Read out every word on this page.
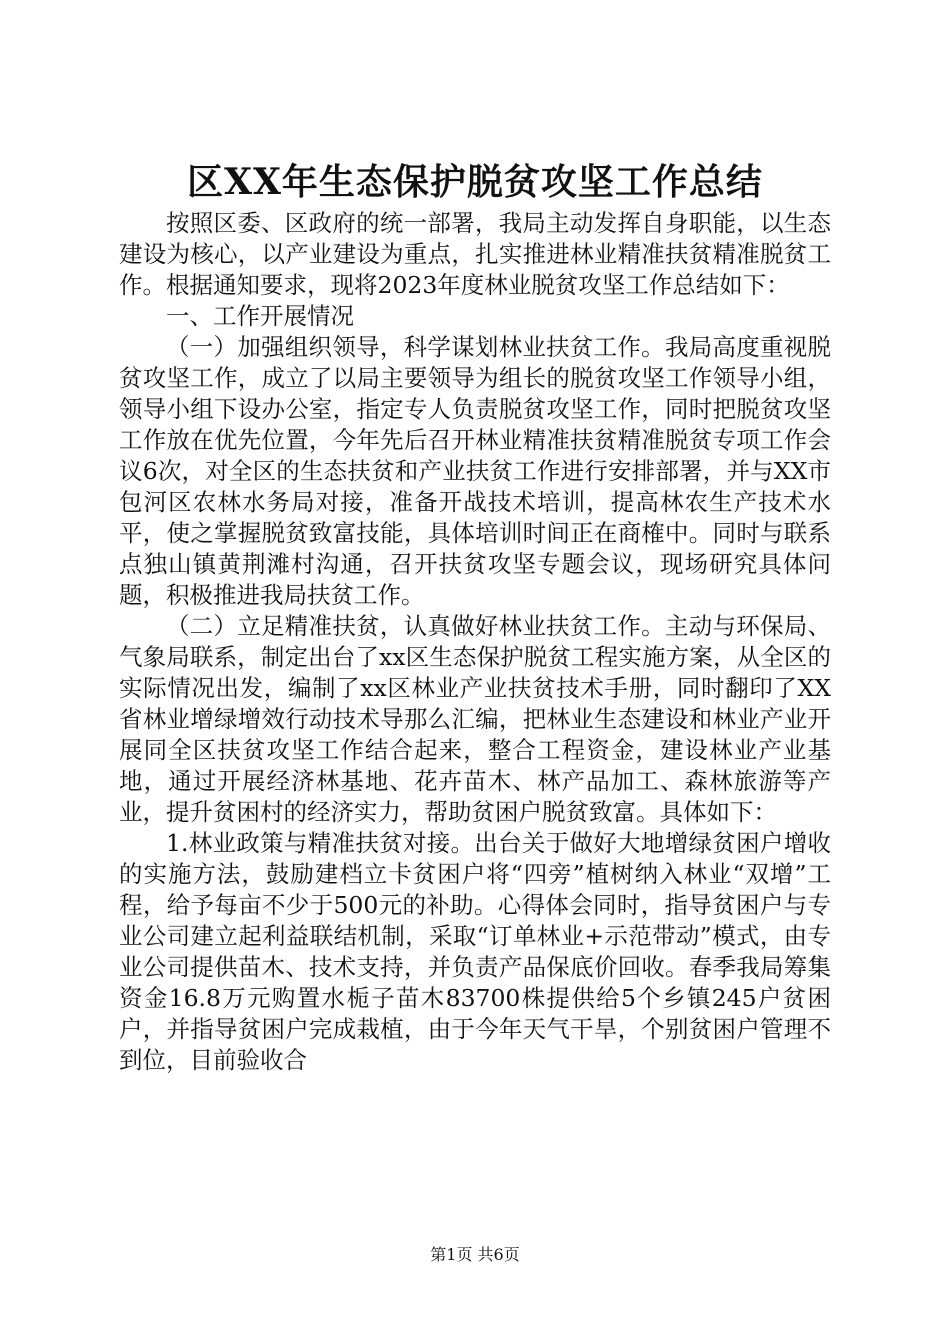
区XX年生态保护脱贫攻坚工作总结

按照区委、区政府的统一部署，我局主动发挥自身职能，以生态建设为核心，以产业建设为重点，扎实推进林业精准扶贫精准脱贫工作。根据通知要求，现将2023年度林业脱贫攻坚工作总结如下：

一、工作开展情况

（一）加强组织领导，科学谋划林业扶贫工作。我局高度重视脱贫攻坚工作，成立了以局主要领导为组长的脱贫攻坚工作领导小组，领导小组下设办公室，指定专人负责脱贫攻坚工作，同时把脱贫攻坚工作放在优先位置，今年先后召开林业精准扶贫精准脱贫专项工作会议6次，对全区的生态扶贫和产业扶贫工作进行安排部署，并与XX市包河区农林水务局对接，准备开战技术培训，提高林农生产技术水平，使之掌握脱贫致富技能，具体培训时间正在商榷中。同时与联系点独山镇黄荆滩村沟通，召开扶贫攻坚专题会议，现场研究具体问题，积极推进我局扶贫工作。

（二）立足精准扶贫，认真做好林业扶贫工作。主动与环保局、气象局联系，制定出台了xx区生态保护脱贫工程实施方案，从全区的实际情况出发，编制了xx区林业产业扶贫技术手册，同时翻印了XX省林业增绿增效行动技术导那么汇编，把林业生态建设和林业产业开展同全区扶贫攻坚工作结合起来，整合工程资金，建设林业产业基地，通过开展经济林基地、花卉苗木、林产品加工、森林旅游等产业，提升贫困村的经济实力，帮助贫困户脱贫致富。具体如下：

1.林业政策与精准扶贫对接。出台关于做好大地增绿贫困户增收的实施方法，鼓励建档立卡贫困户将“四旁”植树纳入林业“双增”工程，给予每亩不少于500元的补助。心得体会同时，指导贫困户与专业公司建立起利益联结机制，采取“订单林业+示范带动”模式，由专业公司提供苗木、技术支持，并负责产品保底价回收。春季我局筹集资金16.8万元购置水栀子苗木83700株提供给5个乡镇245户贫困户，并指导贫困户完成栽植，由于今年天气干旱，个别贫困户管理不到位，目前验收合

第1页 共6页
